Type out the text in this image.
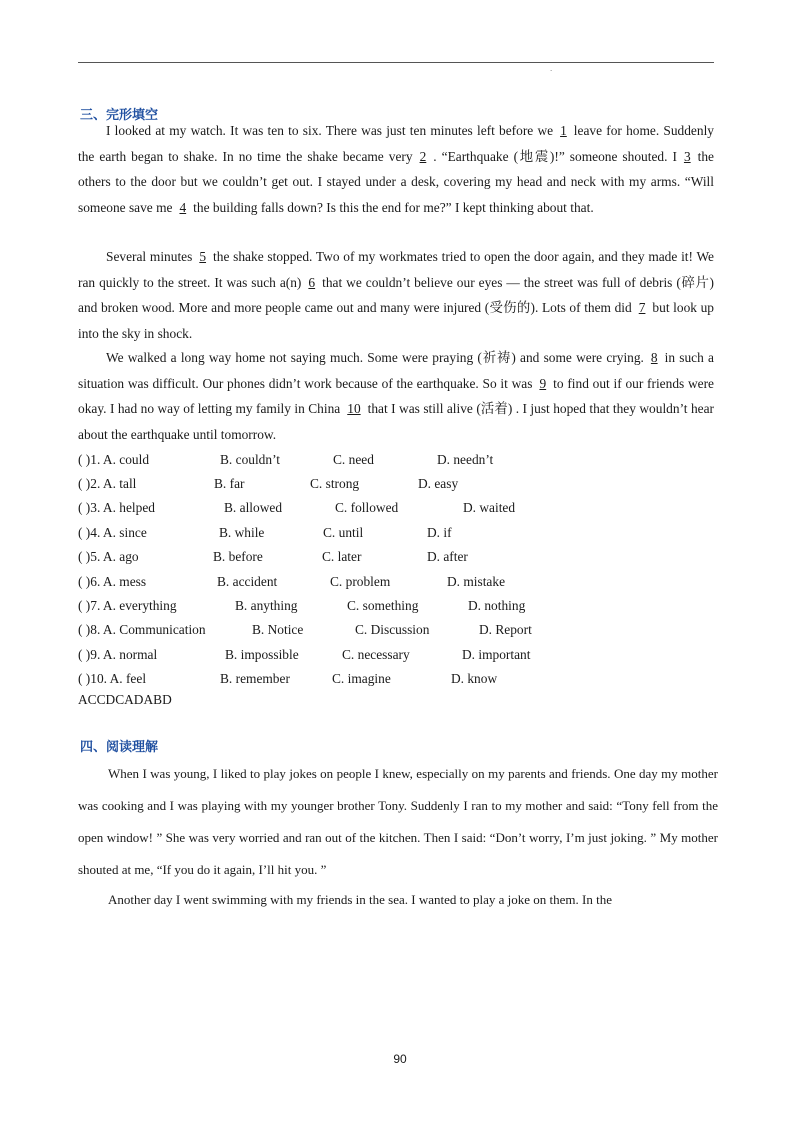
.
三、完形填空
I looked at my watch. It was ten to six. There was just ten minutes left before we 1 leave for home. Suddenly the earth began to shake. In no time the shake became very 2 . “Earthquake (地震)!” someone shouted. I 3 the others to the door but we couldn’t get out. I stayed under a desk, covering my head and neck with my arms. “Will someone save me 4 the building falls down? Is this the end for me?” I kept thinking about that.
Several minutes 5 the shake stopped. Two of my workmates tried to open the door again, and they made it! We ran quickly to the street. It was such a(n) 6 that we couldn’t believe our eyes — the street was full of debris (碎片) and broken wood. More and more people came out and many were injured (受伤的). Lots of them did 7 but look up into the sky in shock.
We walked a long way home not saying much. Some were praying (祈祷) and some were crying. 8 in such a situation was difficult. Our phones didn’t work because of the earthquake. So it was 9 to find out if our friends were okay. I had no way of letting my family in China 10 that I was still alive (活着) . I just hoped that they wouldn’t hear about the earthquake until tomorrow.
( )1. A. could	B. couldn’t	C. need	D. needn’t
( )2. A. tall	B. far	C. strong	D. easy
( )3. A. helped	B. allowed	C. followed	D. waited
( )4. A. since	B. while	C. until	D. if
( )5. A. ago	B. before	C. later	D. after
( )6. A. mess	B. accident	C. problem	D. mistake
( )7. A. everything	B. anything	C. something	D. nothing
( )8. A. Communication	B. Notice	C. Discussion	D. Report
( )9. A. normal	B. impossible	C. necessary	D. important
( )10. A. feel	B. remember	C. imagine	D. know
ACCDCADABD
四、阅读理解
When I was young, I liked to play jokes on people I knew, especially on my parents and friends. One day my mother was cooking and I was playing with my younger brother Tony. Suddenly I ran to my mother and said: “Tony fell from the open window! ” She was very worried and ran out of the kitchen. Then I said: “Don’t worry, I’m just joking. ” My mother shouted at me, “If you do it again, I’ll hit you. ”
Another day I went swimming with my friends in the sea. I wanted to play a joke on them. In the
90
